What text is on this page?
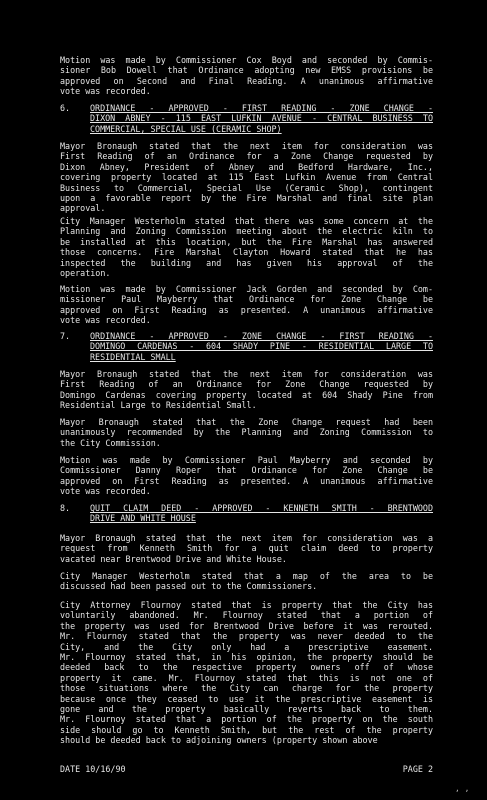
Motion was made by Commissioner Cox Boyd and seconded by Commis-
sioner Bob Dowell that Ordinance adopting new EMSS provisions be
approved on Second and Final Reading. A unanimous affirmative
vote was recorded.
6. ORDINANCE - APPROVED - FIRST READING - ZONE CHANGE -
DIXON ABNEY - 115 EAST LUFKIN AVENUE - CENTRAL BUSINESS TO
COMMERCIAL, SPECIAL USE (CERAMIC SHOP)
Mayor Bronaugh stated that the next item for consideration was
First Reading of an Ordinance for a Zone Change requested by
Dixon Abney, President of Abney and Bedford Hardware, Inc.,
covering property located at 115 East Lufkin Avenue from Central
Business to Commercial, Special Use (Ceramic Shop), contingent
upon a favorable report by the Fire Marshal and final site plan
approval.
City Manager Westerholm stated that there was some concern at the
Planning and Zoning Commission meeting about the electric kiln to
be installed at this location, but the Fire Marshal has answered
those concerns. Fire Marshal Clayton Howard stated that he has
inspected the building and has given his approval of the
operation.
Motion was made by Commissioner Jack Gorden and seconded by Com-
missioner Paul Mayberry that Ordinance for Zone Change be
approved on First Reading as presented. A unanimous affirmative
vote was recorded.
7. ORDINANCE - APPROVED - ZONE CHANGE - FIRST READING -
DOMINGO CARDENAS - 604 SHADY PINE - RESIDENTIAL LARGE TO
RESIDENTIAL SMALL
Mayor Bronaugh stated that the next item for consideration was
First Reading of an Ordinance for Zone Change requested by
Domingo Cardenas covering property located at 604 Shady Pine from
Residential Large to Residential Small.
Mayor Bronaugh stated that the Zone Change request had been
unanimously recommended by the Planning and Zoning Commission to
the City Commission.
Motion was made by Commissioner Paul Mayberry and seconded by
Commissioner Danny Roper that Ordinance for Zone Change be
approved on First Reading as presented. A unanimous affirmative
vote was recorded.
8. QUIT CLAIM DEED - APPROVED - KENNETH SMITH - BRENTWOOD
DRIVE AND WHITE HOUSE
Mayor Bronaugh stated that the next item for consideration was a
request from Kenneth Smith for a quit claim deed to property
vacated near Brentwood Drive and White House.
City Manager Westerholm stated that a map of the area to be
discussed had been passed out to the Commissioners.
City Attorney Flournoy stated that is property that the City has
voluntarily abandoned. Mr. Flournoy stated that a portion of
the property was used for Brentwood Drive before it was rerouted.
Mr. Flournoy stated that the property was never deeded to the
City, and the City only had a prescriptive easement.
Mr. Flournoy stated that, in his opinion, the property should be
deeded back to the respective property owners off of whose
property it came. Mr. Flournoy stated that this is not one of
those situations where the City can charge for the property
because once they ceased to use it the prescriptive easement is
gone and the property basically reverts back to them.
Mr. Flournoy stated that a portion of the property on the south
side should go to Kenneth Smith, but the rest of the property
should be deeded back to adjoining owners (property shown above
DATE 10/16/90	PAGE 2
, ,
